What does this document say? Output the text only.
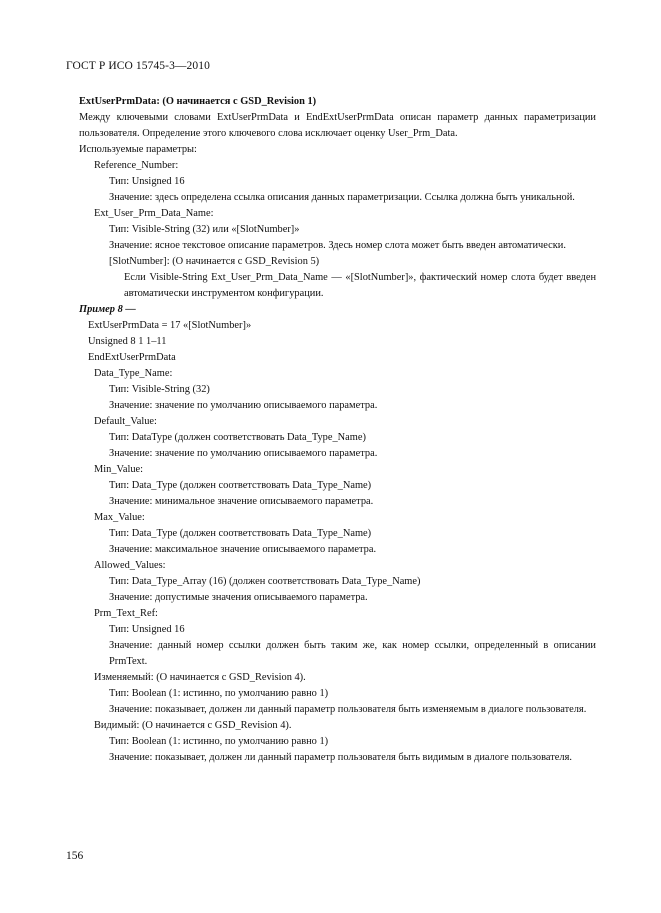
ГОСТ Р ИСО 15745-3—2010

ExtUserPrmData: (О начинается с GSD_Revision 1)

Между ключевыми словами ExtUserPrmData и EndExtUserPrmData описан параметр данных параметризации пользователя. Определение этого ключевого слова исключает оценку User_Prm_Data.

Используемые параметры:

Reference_Number:

Тип: Unsigned 16

Значение: здесь определена ссылка описания данных параметризации. Ссылка должна быть уникальной.

Ext_User_Prm_Data_Name:

Тип: Visible-String (32) или «[SlotNumber]»

Значение: ясное текстовое описание параметров. Здесь номер слота может быть введен автоматически.

[SlotNumber]: (О начинается с GSD_Revision 5)

Если Visible-String Ext_User_Prm_Data_Name — «[SlotNumber]», фактический номер слота будет введен автоматически инструментом конфигурации.

Пример 8 —

ExtUserPrmData = 17 «[SlotNumber]»

Unsigned 8 1 1–11

EndExtUserPrmData

Data_Type_Name:

Тип: Visible-String (32)

Значение: значение по умолчанию описываемого параметра.

Default_Value:

Тип: DataType (должен соответствовать Data_Type_Name)

Значение: значение по умолчанию описываемого параметра.

Min_Value:

Тип: Data_Type (должен соответствовать Data_Type_Name)

Значение: минимальное значение описываемого параметра.

Max_Value:

Тип: Data_Type (должен соответствовать Data_Type_Name)

Значение: максимальное значение описываемого параметра.

Allowed_Values:

Тип: Data_Type_Array (16) (должен соответствовать Data_Type_Name)

Значение: допустимые значения описываемого параметра.

Prm_Text_Ref:

Тип: Unsigned 16

Значение: данный номер ссылки должен быть таким же, как номер ссылки, определенный в описании PrmText.

Изменяемый: (О начинается с GSD_Revision 4).

Тип: Boolean (1: истинно, по умолчанию равно 1)

Значение: показывает, должен ли данный параметр пользователя быть изменяемым в диалоге пользователя.

Видимый: (О начинается с GSD_Revision 4).

Тип: Boolean (1: истинно, по умолчанию равно 1)

Значение: показывает, должен ли данный параметр пользователя быть видимым в диалоге пользователя.

156
